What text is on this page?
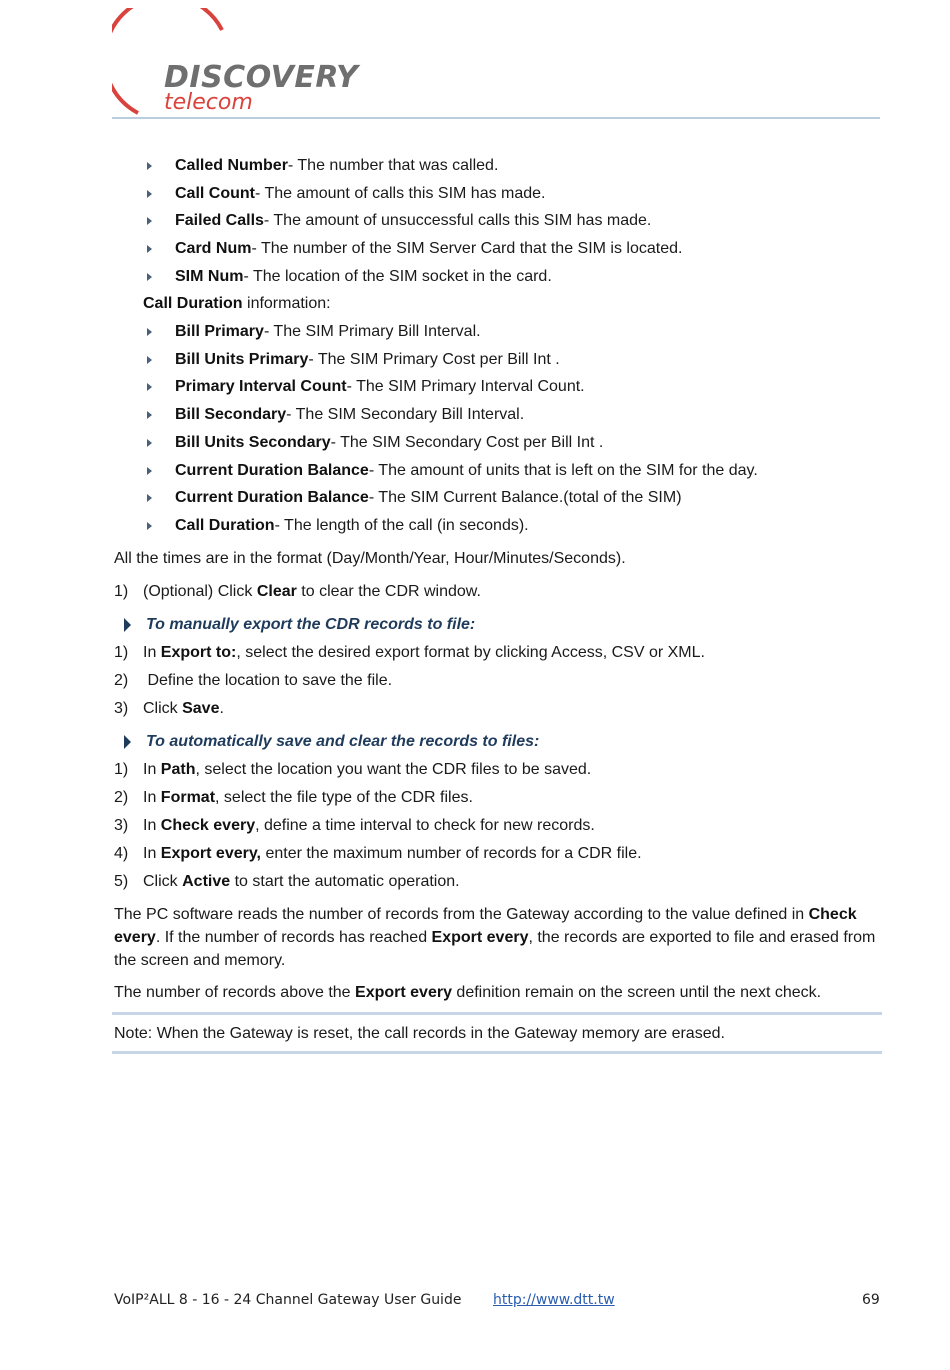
DISCOVERY
telecom
Called Number - The number that was called.
Call Count - The amount of calls this SIM has made.
Failed Calls - The amount of unsuccessful calls this SIM has made.
Card Num - The number of the SIM Server Card that the SIM is located.
SIM Num - The location of the SIM socket in the card.
Call Duration information:
Bill Primary - The SIM Primary Bill Interval.
Bill Units Primary - The SIM Primary Cost per Bill Int .
Primary Interval Count - The SIM Primary Interval Count.
Bill Secondary - The SIM Secondary Bill Interval.
Bill Units Secondary - The SIM Secondary Cost per Bill Int .
Current Duration Balance - The amount of units that is left on the SIM for the day.
Current Duration Balance - The SIM Current Balance.(total of the SIM)
Call Duration - The length of the call (in seconds).
All the times are in the format (Day/Month/Year, Hour/Minutes/Seconds).
1) (Optional) Click Clear to clear the CDR window.
To manually export the CDR records to file:
1) In Export to:, select the desired export format by clicking Access, CSV or XML.
2) Define the location to save the file.
3) Click Save.
To automatically save and clear the records to files:
1) In Path, select the location you want the CDR files to be saved.
2) In Format, select the file type of the CDR files.
3) In Check every, define a time interval to check for new records.
4) In Export every, enter the maximum number of records for a CDR file.
5) Click Active to start the automatic operation.
The PC software reads the number of records from the Gateway according to the value defined in Check every. If the number of records has reached Export every, the records are exported to file and erased from the screen and memory.
The number of records above the Export every definition remain on the screen until the next check.
Note: When the Gateway is reset, the call records in the Gateway memory are erased.
VoIP²ALL 8 - 16 - 24 Channel Gateway User Guide http://www.dtt.tw	69
